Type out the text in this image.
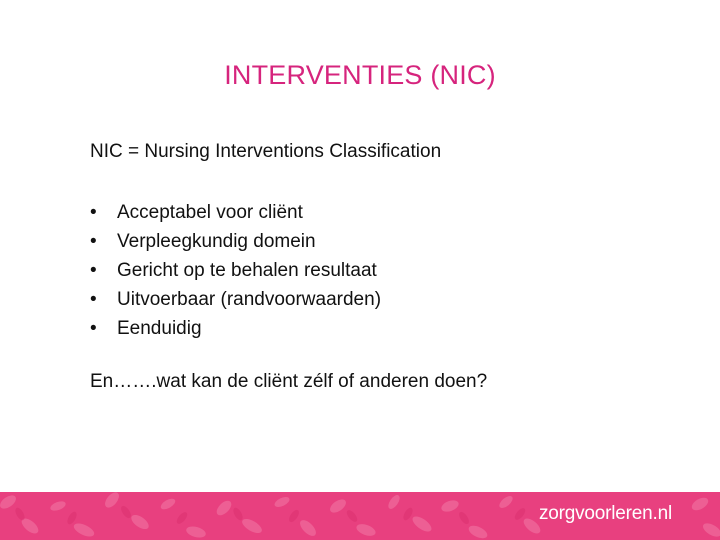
INTERVENTIES (NIC)
NIC = Nursing Interventions Classification
•	Acceptabel voor cliënt
•	Verpleegkundig domein
•	Gericht op te behalen resultaat
•	Uitvoerbaar (randvoorwaarden)
•	Eenduidig
En…….wat kan de cliënt zélf of anderen doen?
zorgvoorleren.nl
